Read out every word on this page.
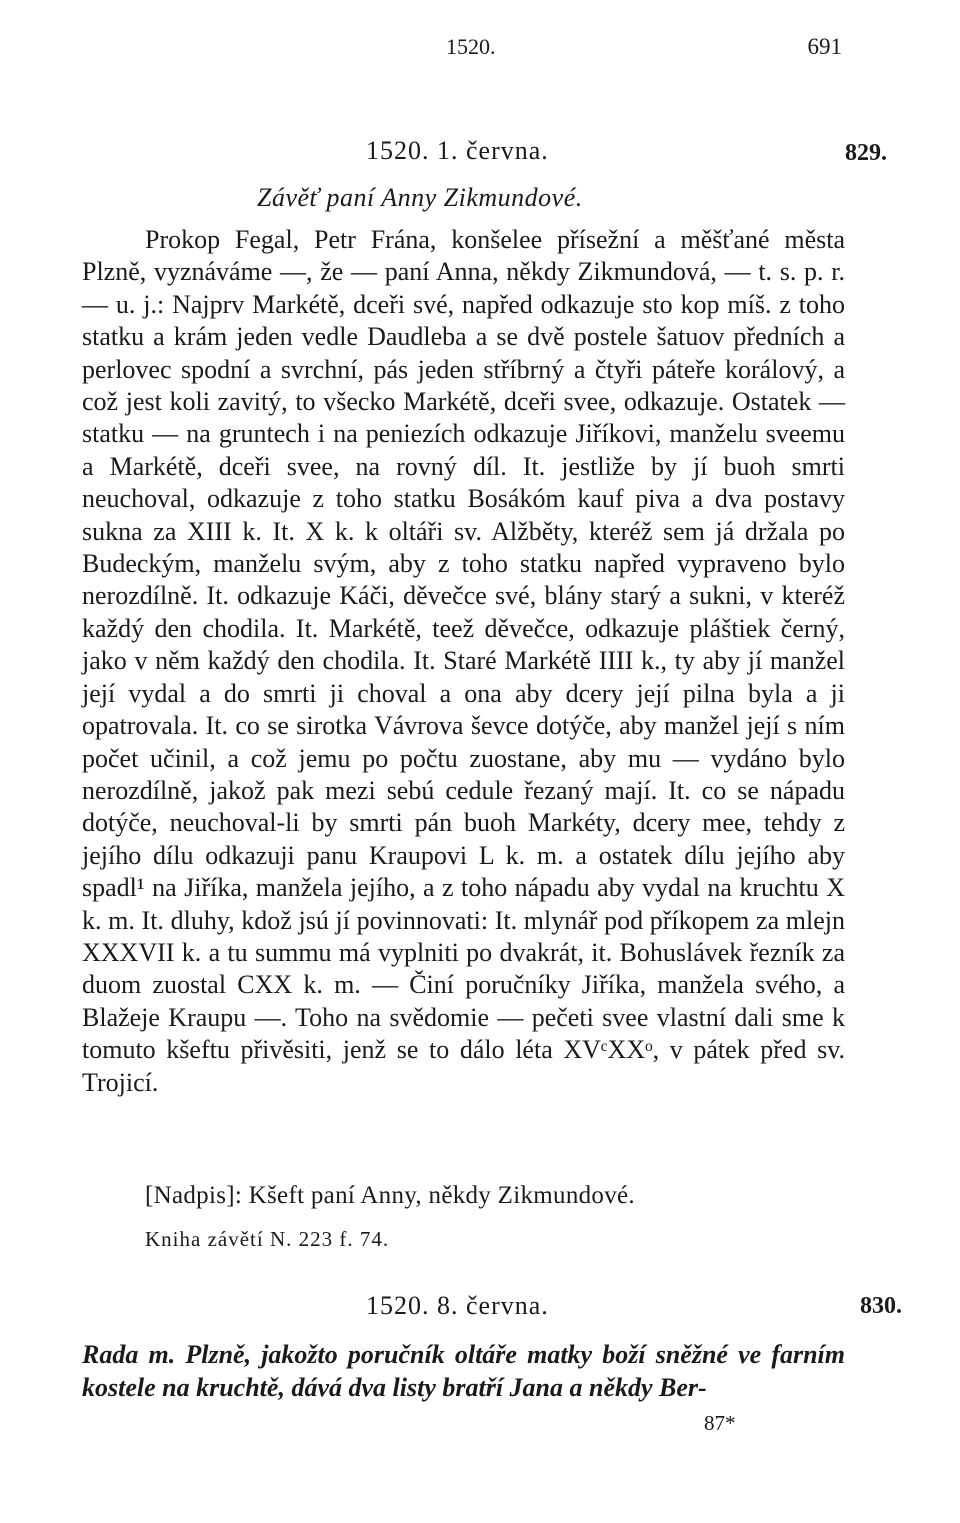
1520.	691
1520. 1. června.	829.
Závěť paní Anny Zikmundové.

Prokop Fegal, Petr Frána, konšelee přísežní a měšťané města Plzně, vyznáváme —, že — paní Anna, někdy Zikmundová, — t. s. p. r. — u. j.: Najprv Markétě, dceři své, napřed odkazuje sto kop míš. z toho statku a krám jeden vedle Daudleba a se dvě postele šatuov předních a perlovec spodní a svrchní, pás jeden stříbrný a čtyři páteře korálový, a což jest koli zavitý, to všecko Markétě, dceři svee, odkazuje. Ostatek — statku — na gruntech i na peniezích odkazuje Jiříkovi, manželu sveemu a Markétě, dceři svee, na rovný díl. It. jestliže by jí buoh smrti neuchoval, odkazuje z toho statku Bosákóm kauf piva a dva postavy sukna za XIII k. It. X k. k oltáři sv. Alžběty, kteréž sem já držala po Budeckým, manželu svým, aby z toho statku napřed vypraveno bylo nerozdílně. It. odkazuje Káči, děvečce své, blány starý a sukni, v kteréž každý den chodila. It. Markétě, teež děvečce, odkazuje pláštiek černý, jako v něm každý den chodila. It. Staré Markétě IIII k., ty aby jí manžel její vydal a do smrti ji choval a ona aby dcery její pilna byla a ji opatrovala. It. co se sirotka Vávrova ševce dotýče, aby manžel její s ním počet učinil, a což jemu po počtu zuostane, aby mu — vydáno bylo nerozdílně, jakož pak mezi sebú cedule řezaný mají. It. co se nápadu dotýče, neuchoval-li by smrti pán buoh Markéty, dcery mee, tehdy z jejího dílu odkazuji panu Kraupovi L k. m. a ostatek dílu jejího aby spadl¹ na Jiříka, manžela jejího, a z toho nápadu aby vydal na kruchtu X k. m. It. dluhy, kdož jsú jí povinnovati: It. mlynář pod příkopem za mlejn XXXVII k. a tu summu má vyplniti po dvakrát, it. Bohuslávek řezník za duom zuostal CXX k. m. — Činí poručníky Jiříka, manžela svého, a Blažeje Kraupu —. Toho na svědomie — pečeti svee vlastní dali sme k tomuto kšeftu přivěsiti, jenž se to dálo léta XVᶜXXᵒ, v pátek před sv. Trojicí.

[Nadpis]: Kšeft paní Anny, někdy Zikmundové.
Kniha závětí N. 223 f. 74.
1520. 8. června.	830.
Rada m. Plzně, jakožto poručník oltáře matky boží sněžné ve farním kostele na kruchtě, dává dva listy bratří Jana a někdy Ber-
87*
